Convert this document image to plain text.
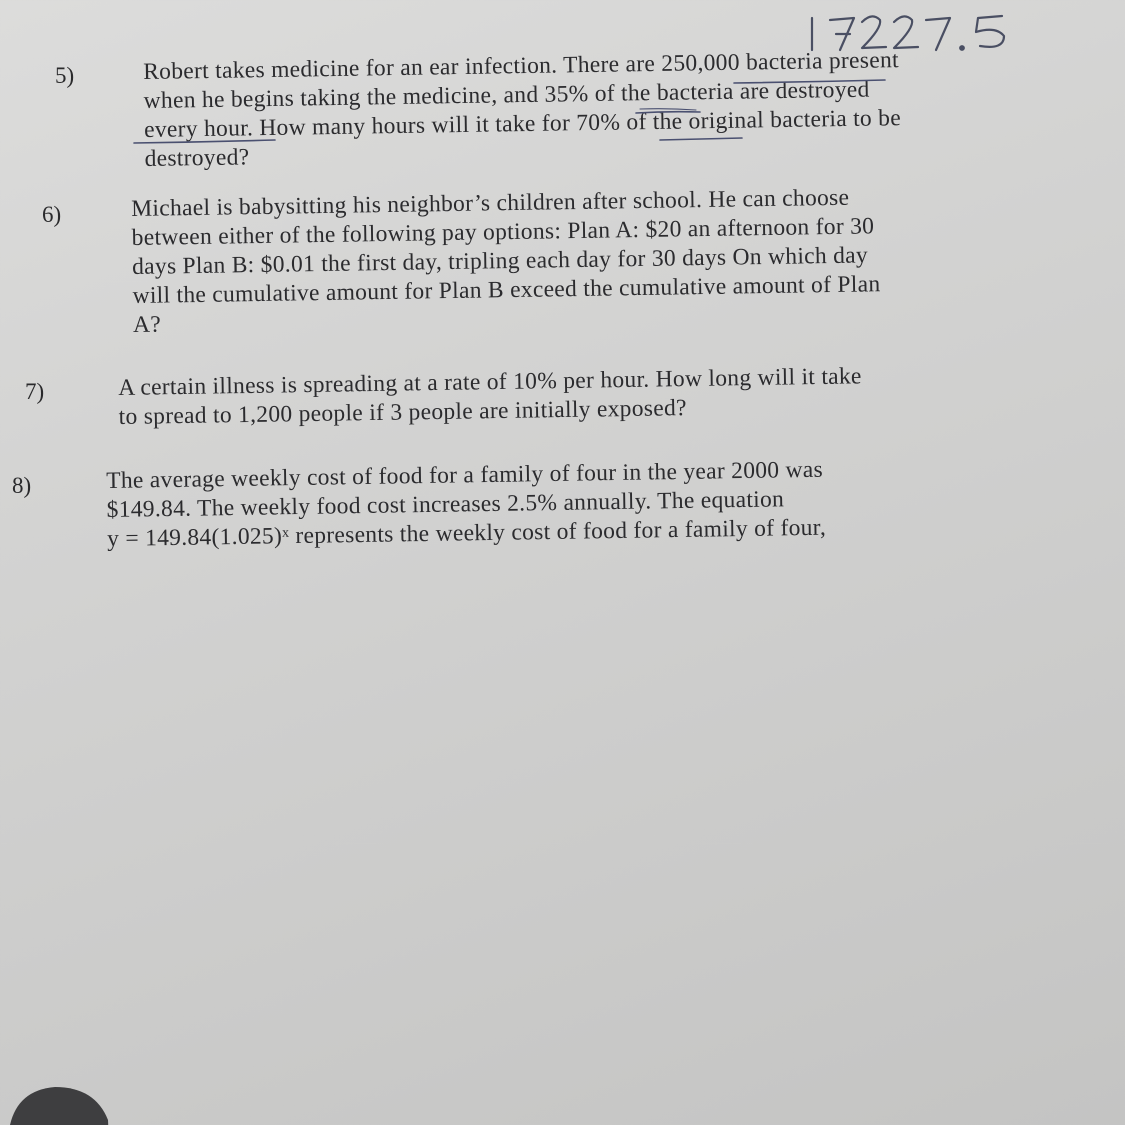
5)	Robert takes medicine for an ear infection. There are 250,000 bacteria present
when he begins taking the medicine, and 35% of the bacteria are destroyed
every hour. How many hours will it take for 70% of the original bacteria to be
destroyed?
6)	Michael is babysitting his neighbor’s children after school. He can choose
between either of the following pay options: Plan A: $20 an afternoon for 30
days Plan B: $0.01 the first day, tripling each day for 30 days On which day
will the cumulative amount for Plan B exceed the cumulative amount of Plan
A?
7)	A certain illness is spreading at a rate of 10% per hour. How long will it take
to spread to 1,200 people if 3 people are initially exposed?
8)	The average weekly cost of food for a family of four in the year 2000 was
$149.84. The weekly food cost increases 2.5% annually. The equation
y = 149.84(1.025)ˣ represents the weekly cost of food for a family of four,
